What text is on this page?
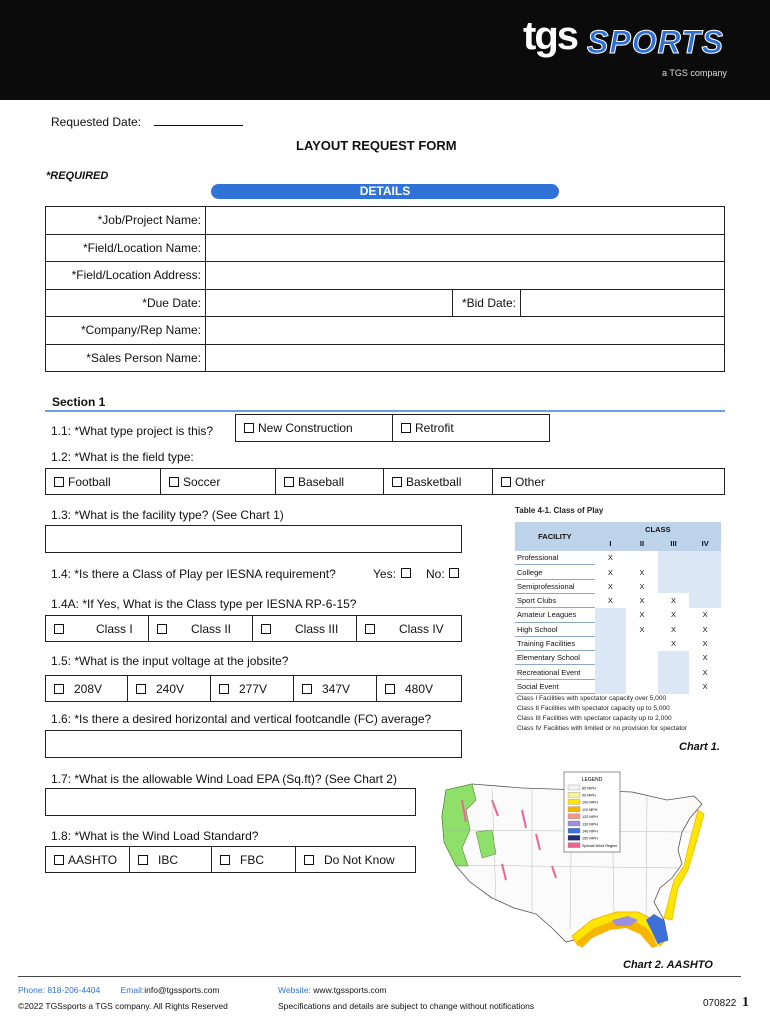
tgs SPORTS
a TGS company
Requested Date:
LAYOUT REQUEST FORM
*REQUIRED
DETAILS
*Job/Project Name:			
*Field/Location Name:			
*Field/Location Address:			
*Due Date:		*Bid Date:	
*Company/Rep Name:			
*Sales Person Name:			
Section 1
1.1: *What type project is this?	New Construction	Retrofit
1.2: *What is the field type:
Football	Soccer	Baseball	Basketball	Other
1.3: *What is the facility type? (See Chart 1)
1.4: *Is there a Class of Play per IESNA requirement?	Yes:	No:
1.4A: *If Yes, What is the Class type per IESNA RP-6-15?
Class I	Class II	Class III	Class IV
1.5: *What is the input voltage at the jobsite?
208V	240V	277V	347V	480V
1.6: *Is there a desired horizontal and vertical footcandle (FC) average?
1.7: *What is the allowable Wind Load EPA (Sq.ft)? (See Chart 2)
1.8: *What is the Wind Load Standard?
AASHTO	IBC	FBC	Do Not Know
Table 4-1. Class of Play
FACILITY	CLASS			
	I	II	III	IV
Professional	X			
College	X	X		
Semiprofessional	X	X		
Sport Clubs	X	X	X	
Amateur Leagues		X	X	X
High School		X	X	X
Training Facilities			X	X
Elementary School				X
Recreational Event				X
Social Event				X
Class I Facilities with spectator capacity over 5,000
Class II Facilities with spectator capacity up to 5,000
Class III Facilities with spectator capacity up to 2,000
Class IV Facilities with limited or no provision for spectator
Chart 1.
LEGEND
85 MPH
90 MPH
100 MPH
110 MPH
120 MPH
130 MPH
140 MPH
150 MPH
Special Wind Region
Chart 2. AASHTO
Phone: 818-206-4404 Email:info@tgssports.com	Website: www.tgssports.com
©2022 TGSsports a TGS company. All Rights Reserved	Specifications and details are subject to change without notifications	070822 1
